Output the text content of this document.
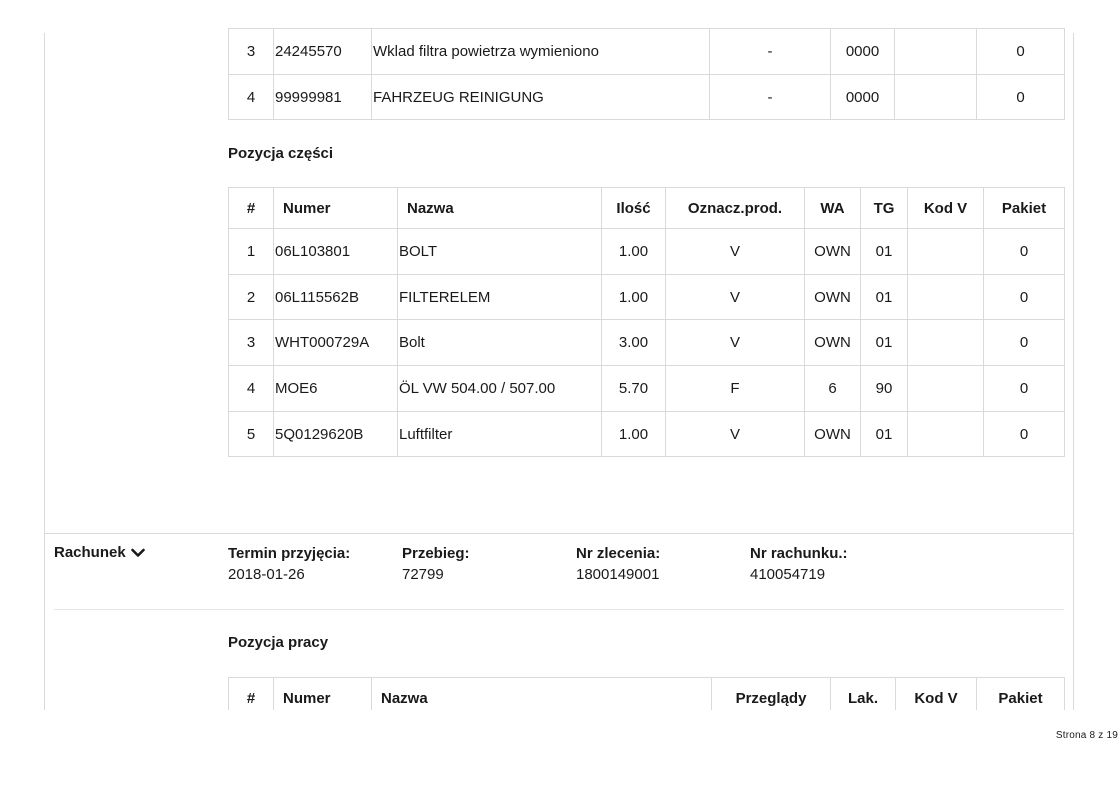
3	24245570	Wklad filtra powietrza wymieniono	-	0000		0
4	99999981	FAHRZEUG REINIGUNG	-	0000		0
Pozycja części
#	Numer	Nazwa	Ilość	Oznacz.prod.	WA	TG	Kod V	Pakiet
1	06L103801	BOLT	1.00	V	OWN	01		0
2	06L115562B	FILTERELEM	1.00	V	OWN	01		0
3	WHT000729A	Bolt	3.00	V	OWN	01		0
4	MOE6	ÖL VW 504.00 / 507.00	5.70	F	6	90		0
5	5Q0129620B	Luftfilter	1.00	V	OWN	01		0
Rachunek	Termin przyjęcia:
2018-01-26
Przebieg:
72799
Nr zlecenia:
1800149001
Nr rachunku.:
410054719
Pozycja pracy
#	Numer	Nazwa	Przeglądy	Lak.	Kod V	Pakiet
Strona 8 z 19
